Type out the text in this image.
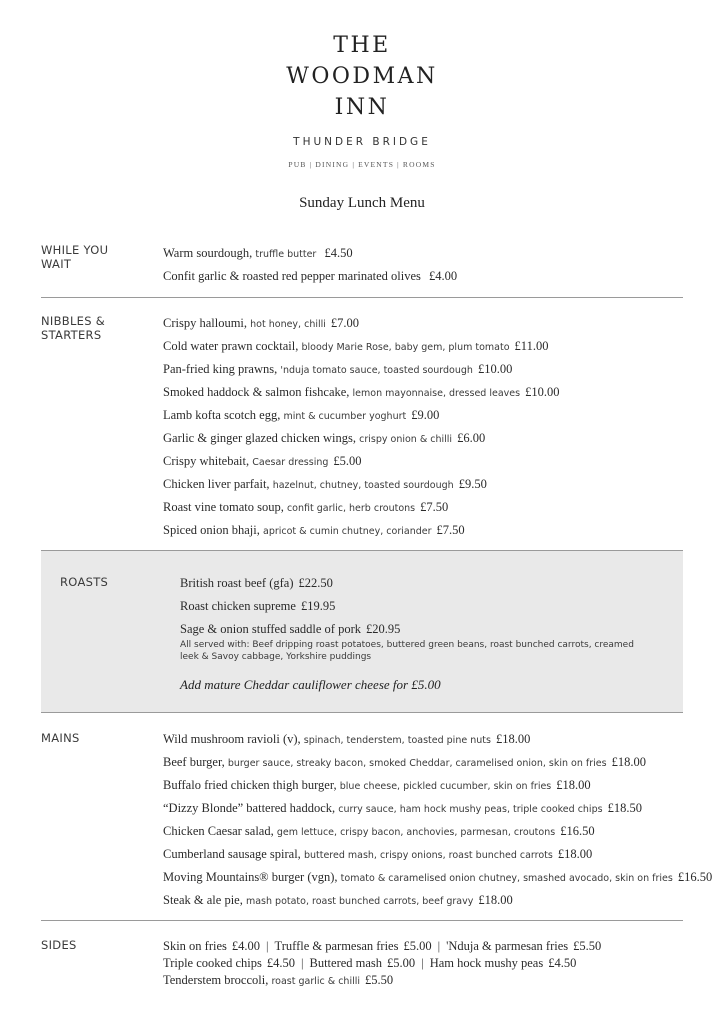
THE
WOODMAN
INN
THUNDER BRIDGE
PUB | DINING | EVENTS | ROOMS
Sunday Lunch Menu
WHILE YOU WAIT
Warm sourdough, truffle butter £4.50
Confit garlic & roasted red pepper marinated olives £4.00
NIBBLES & STARTERS
Crispy halloumi, hot honey, chilli £7.00
Cold water prawn cocktail, bloody Marie Rose, baby gem, plum tomato £11.00
Pan-fried king prawns, 'nduja tomato sauce, toasted sourdough £10.00
Smoked haddock & salmon fishcake, lemon mayonnaise, dressed leaves £10.00
Lamb kofta scotch egg, mint & cucumber yoghurt £9.00
Garlic & ginger glazed chicken wings, crispy onion & chilli £6.00
Crispy whitebait, Caesar dressing £5.00
Chicken liver parfait, hazelnut, chutney, toasted sourdough £9.50
Roast vine tomato soup, confit garlic, herb croutons £7.50
Spiced onion bhaji, apricot & cumin chutney, coriander £7.50
ROASTS	British roast beef (gfa) £22.50
Roast chicken supreme £19.95
Sage & onion stuffed saddle of pork £20.95
All served with: Beef dripping roast potatoes, buttered green beans, roast bunched carrots, creamed leek & Savoy cabbage, Yorkshire puddings
Add mature Cheddar cauliflower cheese for £5.00
MAINS	Wild mushroom ravioli (v), spinach, tenderstem, toasted pine nuts £18.00
Beef burger, burger sauce, streaky bacon, smoked Cheddar, caramelised onion, skin on fries £18.00
Buffalo fried chicken thigh burger, blue cheese, pickled cucumber, skin on fries £18.00
“Dizzy Blonde” battered haddock, curry sauce, ham hock mushy peas, triple cooked chips £18.50
Chicken Caesar salad, gem lettuce, crispy bacon, anchovies, parmesan, croutons £16.50
Cumberland sausage spiral, buttered mash, crispy onions, roast bunched carrots £18.00
Moving Mountains® burger (vgn), tomato & caramelised onion chutney, smashed avocado, skin on fries £16.50
Steak & ale pie, mash potato, roast bunched carrots, beef gravy £18.00
SIDES	Skin on fries £4.00 | Truffle & parmesan fries £5.00 | 'Nduja & parmesan fries £5.50
Triple cooked chips £4.50 | Buttered mash £5.00 | Ham hock mushy peas £4.50
Tenderstem broccoli, roast garlic & chilli £5.50
